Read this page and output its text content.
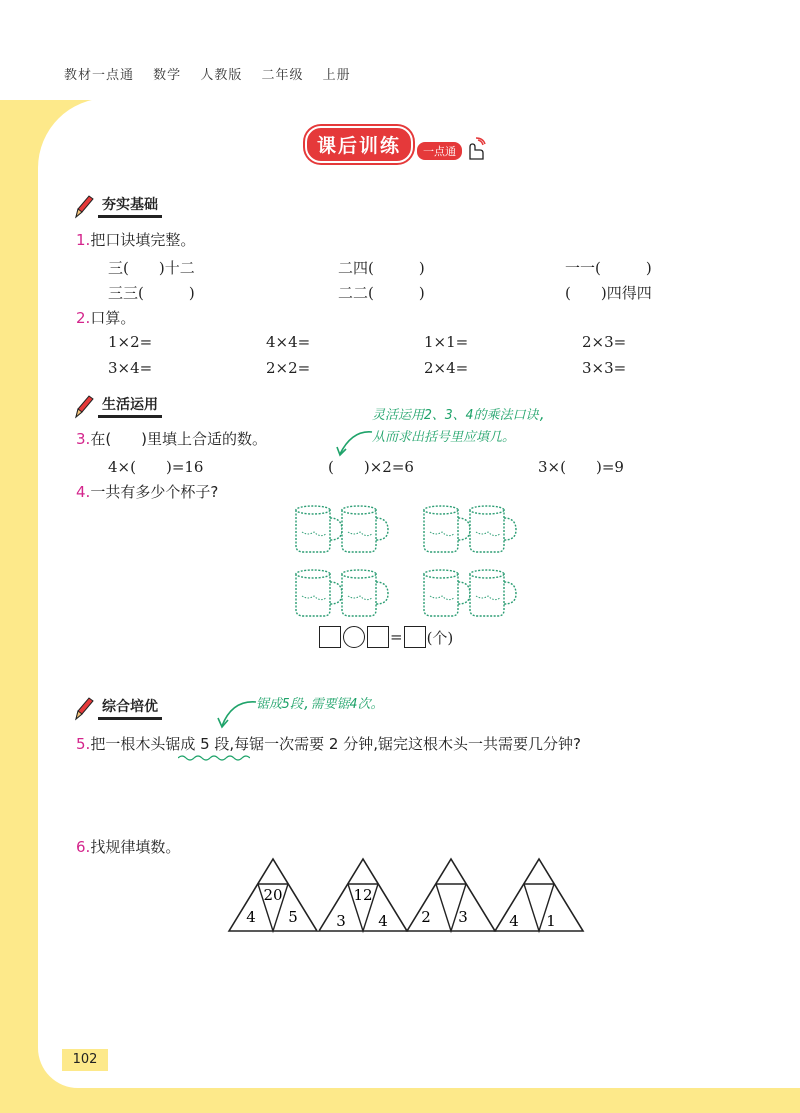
教材一点通 数学 人教版 二年级 上册
课后训练	一点通
夯实基础
1.把口诀填完整。
三(　　)十二	二四(　　　)	一一(　　　)
三三(　　　)	二二(　　　)	(　　)四得四
2.口算。
1×2=	4×4=	1×1=	2×3=
3×4=	2×2=	2×4=	3×3=
生活运用
灵活运用2、3、4的乘法口诀,
从而求出括号里应填几。
3.在(　　)里填上合适的数。
4×(　　)=16	(　　)×2=6	3×(　　)=9
4.一共有多少个杯子?
= (个)
综合培优	锯成5段,需要锯4次。
5.把一根木头锯成 5 段,每锯一次需要 2 分钟,锯完这根木头一共需要几分钟?
6.找规律填数。
20
4 5
12
3 4 2 3	4 1
102
